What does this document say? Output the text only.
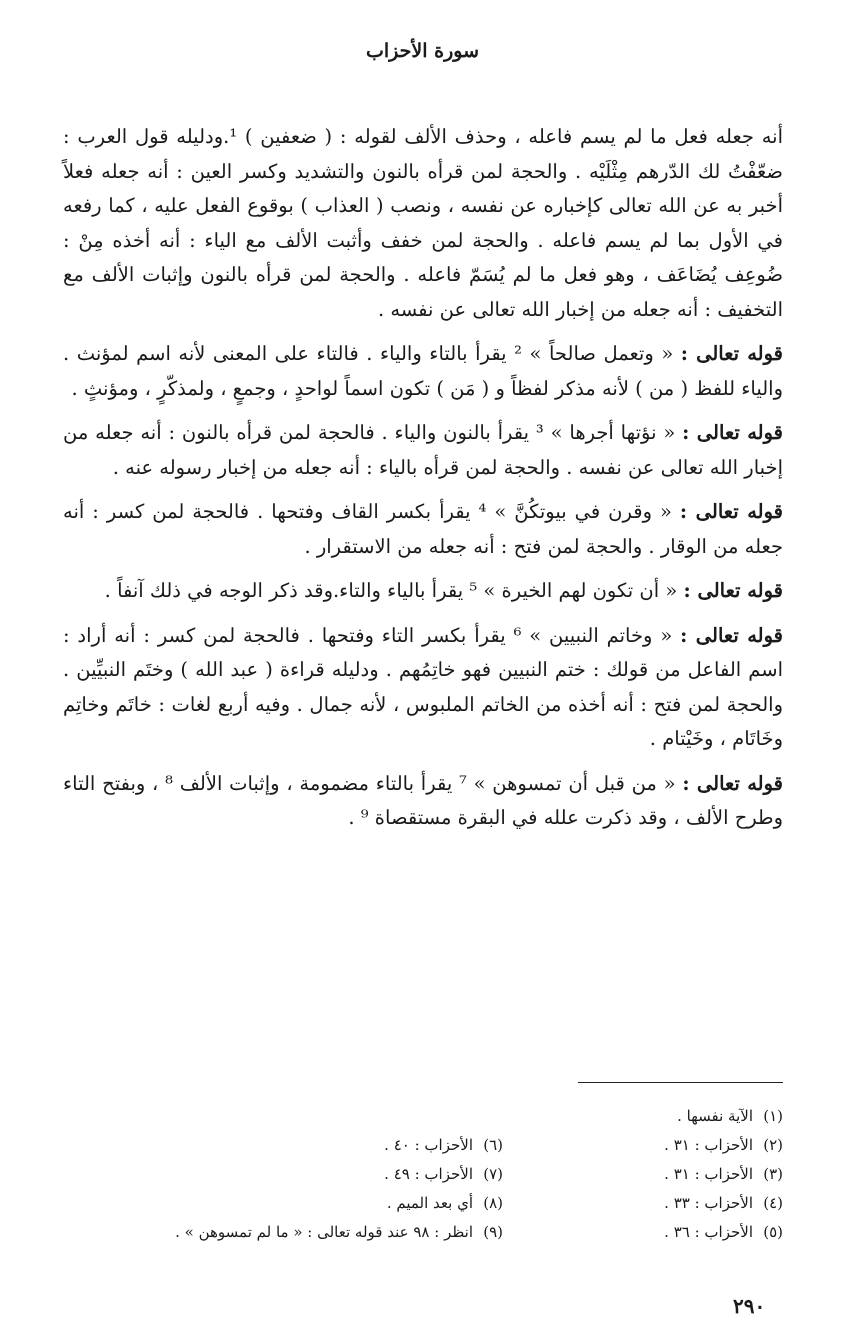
سورة الأحزاب

أنه جعله فعل ما لم يسم فاعله ، وحذف الألف لقوله : ( ضعفين ) ¹.ودليله قول العرب : ضعّفْتُ لك الدّرهم مِثْلَيْه . والحجة لمن قرأه بالنون والتشديد وكسر العين : أنه جعله فعلاً أخبر به عن الله تعالى كإخباره عن نفسه ، ونصب ( العذاب ) بوقوع الفعل عليه ، كما رفعه في الأول بما لم يسم فاعله . والحجة لمن خفف وأثبت الألف مع الياء : أنه أخذه مِنْ : ضُوعِف يُضَاعَف ، وهو فعل ما لم يُسَمّ فاعله . والحجة لمن قرأه بالنون وإثبات الألف مع التخفيف : أنه جعله من إخبار الله تعالى عن نفسه .

قوله تعالى : « وتعمل صالحاً » ² يقرأ بالتاء والياء . فالتاء على المعنى لأنه اسم لمؤنث . والياء للفظ ( من ) لأنه مذكر لفظاً و ( مَن ) تكون اسماً لواحدٍ ، وجمعٍ ، ولمذكّرٍ ، ومؤنثٍ .

قوله تعالى : « نؤتها أجرها » ³ يقرأ بالنون والياء . فالحجة لمن قرأه بالنون : أنه جعله من إخبار الله تعالى عن نفسه . والحجة لمن قرأه بالياء : أنه جعله من إخبار رسوله عنه .

قوله تعالى : « وقرن في بيوتكُنَّ » ⁴ يقرأ بكسر القاف وفتحها . فالحجة لمن كسر : أنه جعله من الوقار . والحجة لمن فتح : أنه جعله من الاستقرار .

قوله تعالى : « أن تكون لهم الخيرة » ⁵ يقرأ بالياء والتاء.وقد ذكر الوجه في ذلك آنفاً .

قوله تعالى : « وخاتم النبيين » ⁶ يقرأ بكسر التاء وفتحها . فالحجة لمن كسر : أنه أراد : اسم الفاعل من قولك : ختم النبيين فهو خاتِمُهم . ودليله قراءة ( عبد الله ) وختَم النبيِّين . والحجة لمن فتح : أنه أخذه من الخاتم الملبوس ، لأنه جمال . وفيه أربع لغات : خاتَم وخاتِم وخَاتَام ، وخَيْتام .

قوله تعالى : « من قبل أن تمسوهن » ⁷ يقرأ بالتاء مضمومة ، وإثبات الألف ⁸ ، وبفتح التاء وطرح الألف ، وقد ذكرت علله في البقرة مستقصاة ⁹ .

(١)الآية نفسها .
(٢)الأحزاب : ٣١ .
(٣)الأحزاب : ٣١ .
(٤)الأحزاب : ٣٣ .
(٥)الأحزاب : ٣٦ .
(٦)الأحزاب : ٤٠ .
(٧)الأحزاب : ٤٩ .
(٨)أي بعد الميم .
(٩)انظر : ٩٨ عند قوله تعالى : « ما لم تمسوهن » .
٢٩٠
